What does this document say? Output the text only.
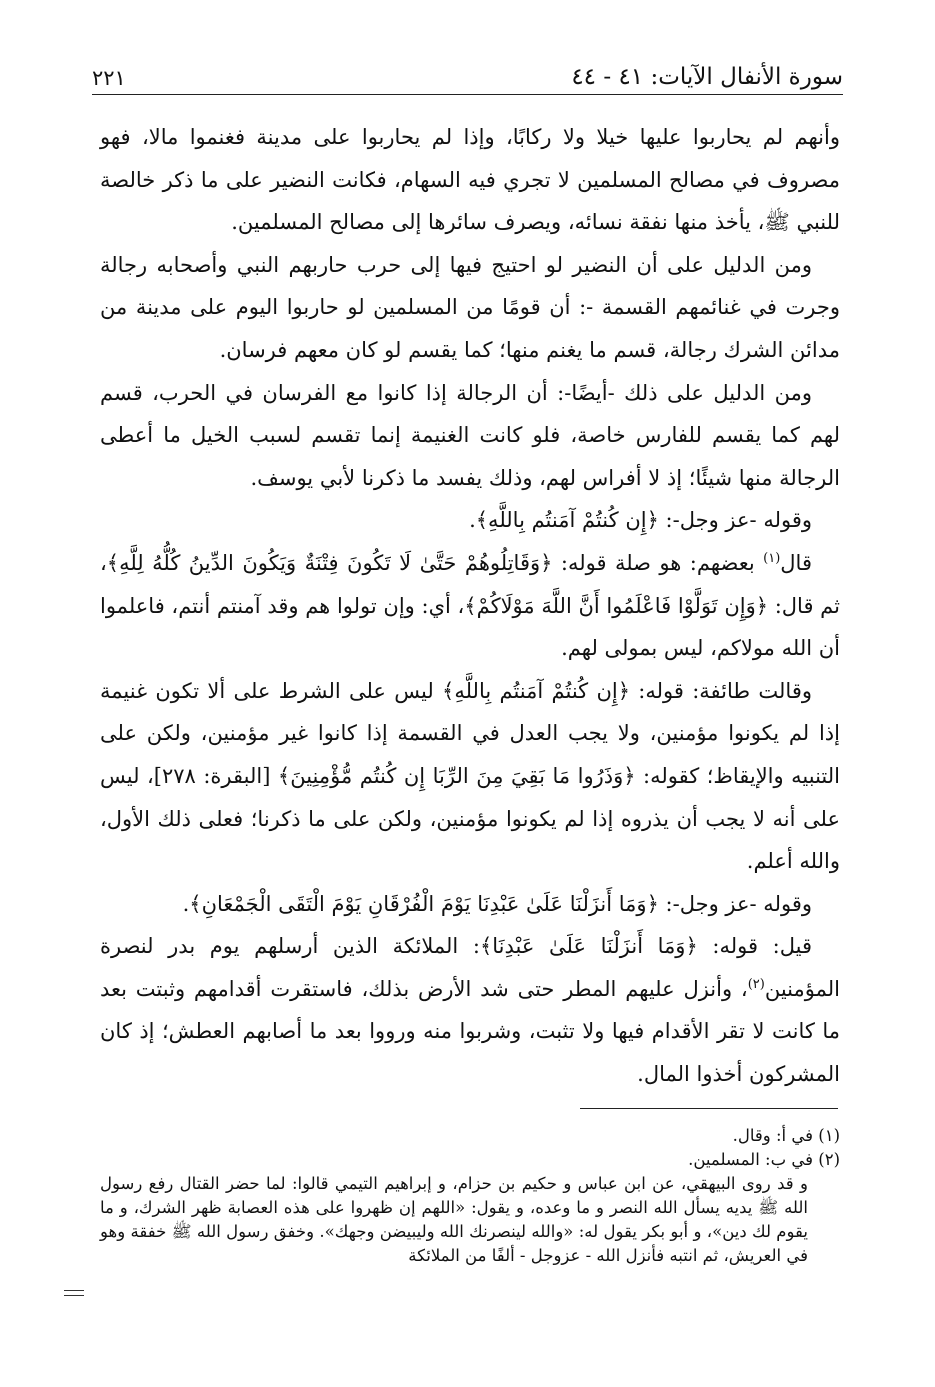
سورة الأنفال الآيات: ٤١ - ٤٤
٢٢١

وأنهم لم يحاربوا عليها خيلا ولا ركابًا، وإذا لم يحاربوا على مدينة فغنموا مالا، فهو مصروف في مصالح المسلمين لا تجري فيه السهام، فكانت النضير على ما ذكر خالصة للنبي ﷺ، يأخذ منها نفقة نسائه، ويصرف سائرها إلى مصالح المسلمين.

ومن الدليل على أن النضير لو احتيج فيها إلى حرب حاربهم النبي وأصحابه رجالة وجرت في غنائمهم القسمة -: أن قومًا من المسلمين لو حاربوا اليوم على مدينة من مدائن الشرك رجالة، قسم ما يغنم منها؛ كما يقسم لو كان معهم فرسان.

ومن الدليل على ذلك -أيضًا-: أن الرجالة إذا كانوا مع الفرسان في الحرب، قسم لهم كما يقسم للفارس خاصة، فلو كانت الغنيمة إنما تقسم لسبب الخيل ما أعطى الرجالة منها شيئًا؛ إذ لا أفراس لهم، وذلك يفسد ما ذكرنا لأبي يوسف.

وقوله -عز وجل-: ﴿إِن كُنتُمْ آمَنتُم بِاللَّهِ﴾.

قال$^{(١)}$ بعضهم: هو صلة قوله: ﴿وَقَاتِلُوهُمْ حَتَّىٰ لَا تَكُونَ فِتْنَةٌ وَيَكُونَ الدِّينُ كُلُّهُ لِلَّهِ﴾، ثم قال: ﴿وَإِن تَوَلَّوْا فَاعْلَمُوا أَنَّ اللَّهَ مَوْلَاكُمْ﴾، أي: وإن تولوا هم وقد آمنتم أنتم، فاعلموا أن الله مولاكم، ليس بمولى لهم.

وقالت طائفة: قوله: ﴿إِن كُنتُمْ آمَنتُم بِاللَّهِ﴾ ليس على الشرط على ألا تكون غنيمة إذا لم يكونوا مؤمنين، ولا يجب العدل في القسمة إذا كانوا غير مؤمنين، ولكن على التنبيه والإيقاظ؛ كقوله: ﴿وَذَرُوا مَا بَقِيَ مِنَ الرِّبَا إِن كُنتُم مُّؤْمِنِينَ﴾ [البقرة: ٢٧٨]، ليس على أنه لا يجب أن يذروه إذا لم يكونوا مؤمنين، ولكن على ما ذكرنا؛ فعلى ذلك الأول، والله أعلم.

وقوله -عز وجل-: ﴿وَمَا أَنزَلْنَا عَلَىٰ عَبْدِنَا يَوْمَ الْفُرْقَانِ يَوْمَ الْتَقَى الْجَمْعَانِ﴾.

قيل: قوله: ﴿وَمَا أَنزَلْنَا عَلَىٰ عَبْدِنَا﴾: الملائكة الذين أرسلهم يوم بدر لنصرة المؤمنين$^{(٢)}$، وأنزل عليهم المطر حتى شد الأرض بذلك، فاستقرت أقدامهم وثبتت بعد ما كانت لا تقر الأقدام فيها ولا تثبت، وشربوا منه ورووا بعد ما أصابهم العطش؛ إذ كان المشركون أخذوا المال.

(١) في أ: وقال.

(٢) في ب: المسلمين.

و قد روى البيهقي، عن ابن عباس و حكيم بن حزام، و إبراهيم التيمي قالوا: لما حضر القتال رفع رسول الله ﷺ يديه يسأل الله النصر و ما وعده، و يقول: «اللهم إن ظهروا على هذه العصابة ظهر الشرك، و ما يقوم لك دين»، و أبو بكر يقول له: «والله لينصرنك الله وليبيضن وجهك». وخفق رسول الله ﷺ خفقة وهو في العريش، ثم انتبه فأنزل الله - عزوجل - ألفًا من الملائكة
